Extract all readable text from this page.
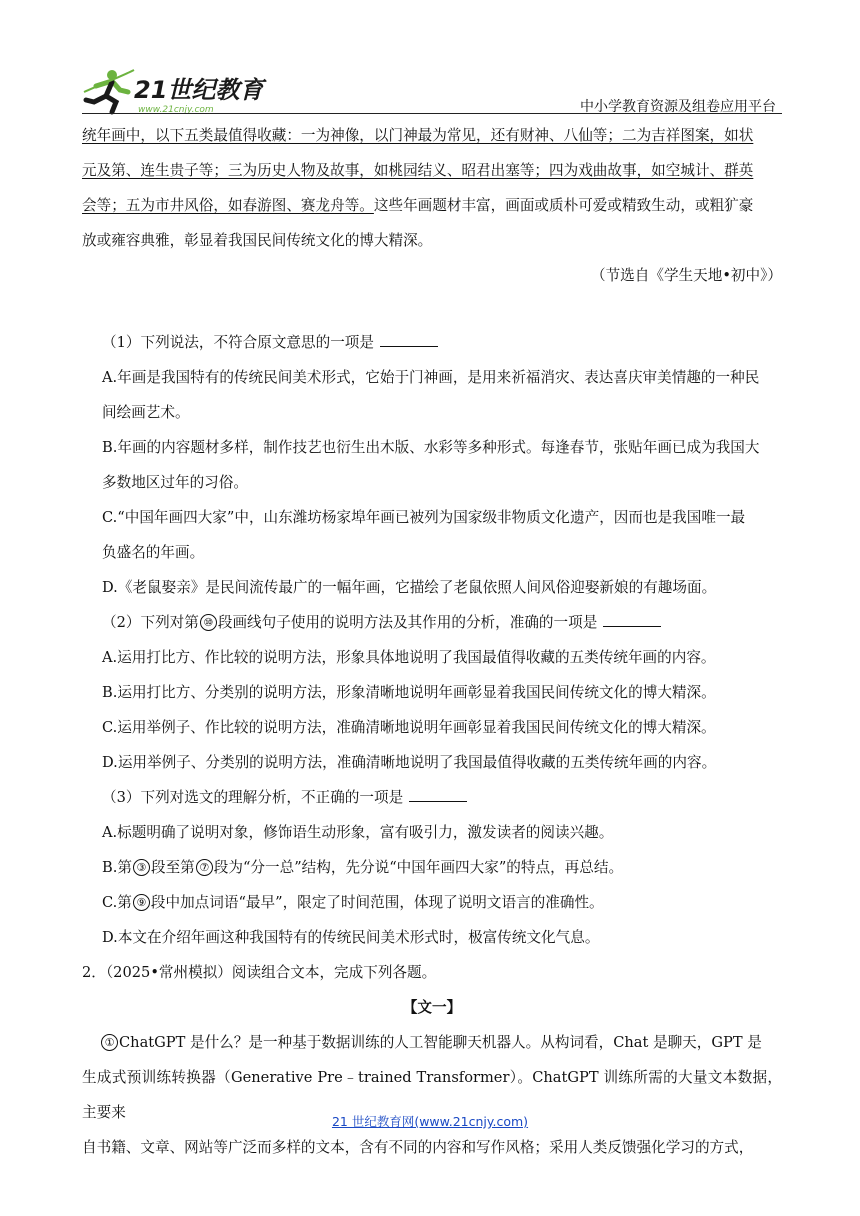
21世纪教育
www.21cnjy.com	中小学教育资源及组卷应用平台

统年画中，以下五类最值得收藏：一为神像，以门神最为常见，还有财神、八仙等；二为吉祥图案，如状

元及第、连生贵子等；三为历史人物及故事，如桃园结义、昭君出塞等；四为戏曲故事，如空城计、群英

会等；五为市井风俗，如春游图、赛龙舟等。这些年画题材丰富，画面或质朴可爱或精致生动，或粗犷豪

放或雍容典雅，彰显着我国民间传统文化的博大精深。

（节选自《学生天地•初中》）

（1）下列说法，不符合原文意思的一项是

A.年画是我国特有的传统民间美术形式，它始于门神画，是用来祈福消灾、表达喜庆审美情趣的一种民

间绘画艺术。

B.年画的内容题材多样，制作技艺也衍生出木版、水彩等多种形式。每逢春节，张贴年画已成为我国大

多数地区过年的习俗。

C.“中国年画四大家”中，山东潍坊杨家埠年画已被列为国家级非物质文化遗产，因而也是我国唯一最

负盛名的年画。

D.《老鼠娶亲》是民间流传最广的一幅年画，它描绘了老鼠依照人间风俗迎娶新娘的有趣场面。

（2）下列对第 ⑩ 段画线句子使用的说明方法及其作用的分析，准确的一项是

A.运用打比方、作比较的说明方法，形象具体地说明了我国最值得收藏的五类传统年画的内容。

B.运用打比方、分类别的说明方法，形象清晰地说明年画彰显着我国民间传统文化的博大精深。

C.运用举例子、作比较的说明方法，准确清晰地说明年画彰显着我国民间传统文化的博大精深。

D.运用举例子、分类别的说明方法，准确清晰地说明了我国最值得收藏的五类传统年画的内容。

（3）下列对选文的理解分析，不正确的一项是

A.标题明确了说明对象，修饰语生动形象，富有吸引力，激发读者的阅读兴趣。

B.第 ③ 段至第 ⑦ 段为“分一总”结构，先分说“中国年画四大家”的特点，再总结。

C.第 ⑨ 段中加点词语“最早”，限定了时间范围，体现了说明文语言的准确性。

D.本文在介绍年画这种我国特有的传统民间美术形式时，极富传统文化气息。

2．（2025•常州模拟）阅读组合文本，完成下列各题。

【文一】

① ChatGPT 是什么？是一种基于数据训练的人工智能聊天机器人。从构词看，Chat 是聊天，GPT 是

生成式预训练转换器（Generative Pre﹣trained Transformer）。ChatGPT 训练所需的大量文本数据，主要来

自书籍、文章、网站等广泛而多样的文本，含有不同的内容和写作风格；采用人类反馈强化学习的方式，

21 世纪教育网(www.21cnjy.com)
